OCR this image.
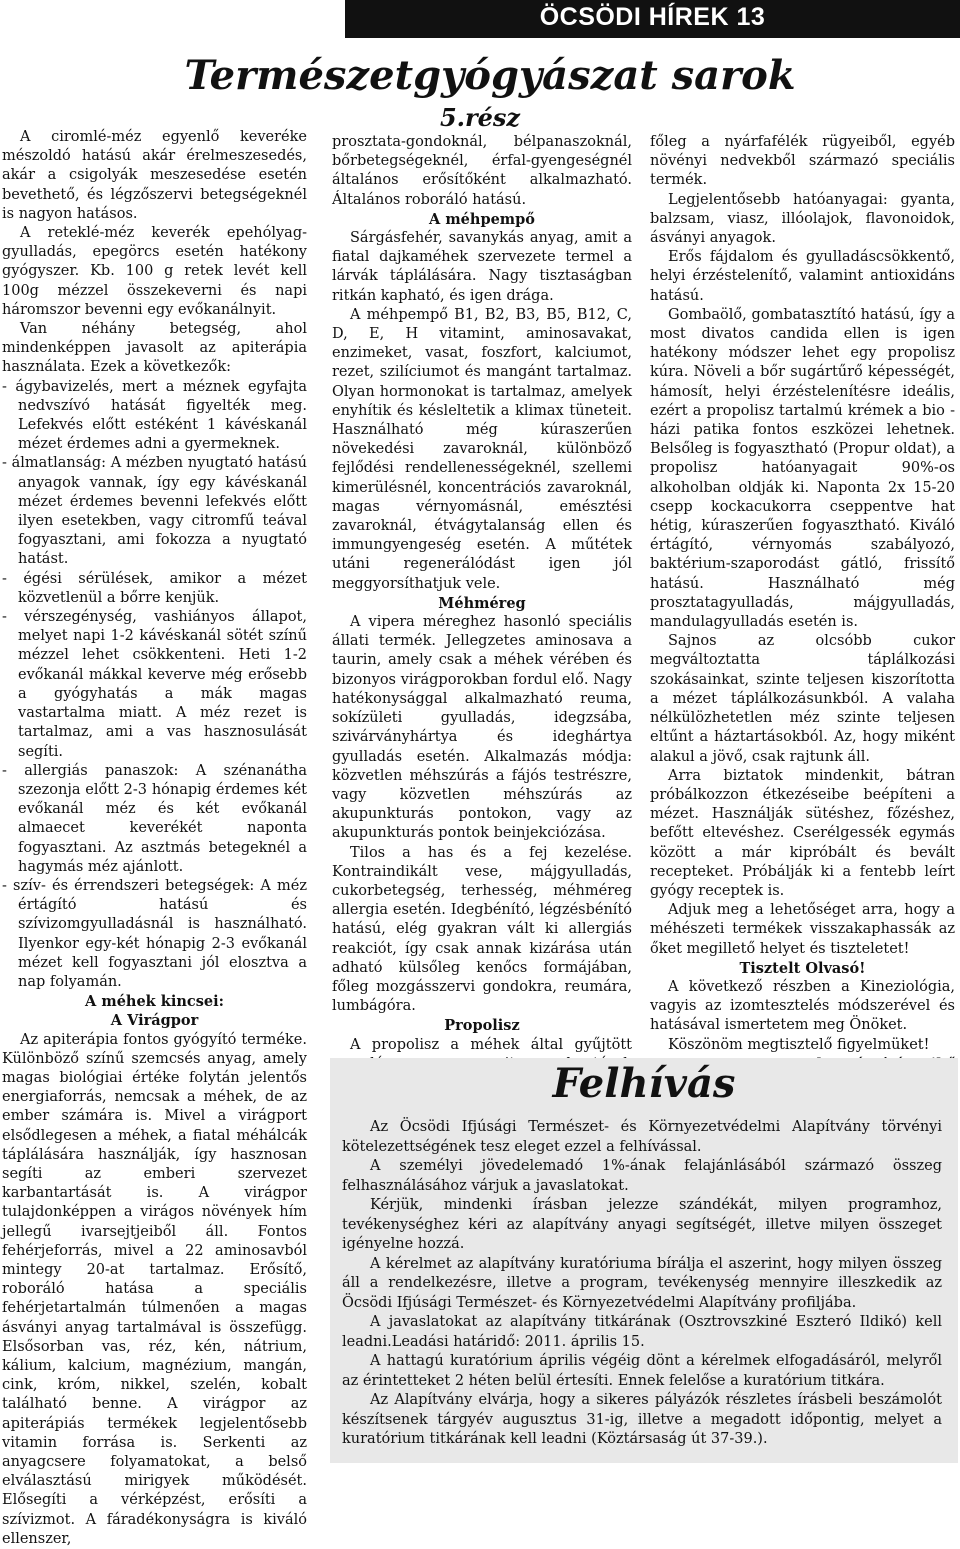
ÖCSÖDI HÍREK 13
Természetgyógyászat sarok
5.rész

A ciromlé-méz egyenlő keveréke mészoldó hatású akár érelmeszesedés, akár a csigolyák meszesedése esetén bevethető, és légzőszervi betegségeknél is nagyon hatásos.

A reteklé-méz keverék epehólyag-gyulladás, epegörcs esetén hatékony gyógyszer. Kb. 100 g retek levét kell 100g mézzel összekeverni és napi háromszor bevenni egy evőkanálnyit.

Van néhány betegség, ahol mindenképpen javasolt az apiterápia használata. Ezek a következők:

- ágybavizelés, mert a méznek egyfajta nedvszívó hatását figyelték meg. Lefekvés előtt estéként 1 kávéskanál mézet érdemes adni a gyermeknek.
- álmatlanság: A mézben nyugtató hatású anyagok vannak, így egy kávéskanál mézet érdemes bevenni lefekvés előtt ilyen esetekben, vagy citromfű teával fogyasztani, ami fokozza a nyugtató hatást.
- égési sérülések, amikor a mézet közvetlenül a bőrre kenjük.
- vérszegénység, vashiányos állapot, melyet napi 1-2 kávéskanál sötét színű mézzel lehet csökkenteni. Heti 1-2 evőkanál mákkal keverve még erősebb a gyógyhatás a mák magas vastartalma miatt. A méz rezet is tartalmaz, ami a vas hasznosulását segíti.
- allergiás panaszok: A szénanátha szezonja előtt 2-3 hónapig érdemes két evőkanál méz és két evőkanál almaecet keverékét naponta fogyasztani. Az asztmás betegeknél a hagymás méz ajánlott.
- szív- és érrendszeri betegségek: A méz értágító hatású és szívizomgyulladásnál is használható. Ilyenkor egy-két hónapig 2-3 evőkanál mézet kell fogyasztani jól elosztva a nap folyamán.
A méhek kincsei:
A Virágpor

Az apiterápia fontos gyógyító terméke. Különböző színű szemcsés anyag, amely magas biológiai értéke folytán jelentős energiaforrás, nemcsak a méhek, de az ember számára is. Mivel a virágport elsődlegesen a méhek, a fiatal méhálcák táplálására használják, így hasznosan segíti az emberi szervezet karbantartását is. A virágpor tulajdonképpen a virágos növények hím jellegű ivarsejtjeiből áll. Fontos fehérjeforrás, mivel a 22 aminosavból mintegy 20-at tartalmaz. Erősítő, roboráló hatása a speciális fehérjetartalmán túlmenően a magas ásványi anyag tartalmával is összefügg. Elsősorban vas, réz, kén, nátrium, kálium, kalcium, magnézium, mangán, cink, króm, nikkel, szelén, kobalt található benne. A virágpor az apiterápiás termékek legjelentősebb vitamin forrása is. Serkenti az anyagcsere folyamatokat, a belső elválasztású mirigyek működését. Elősegíti a vérképzést, erősíti a szívizmot. A fáradékonyságra is kiváló ellenszer,

prosztata-gondoknál, bélpanaszoknál, bőrbetegségeknél, érfal-gyengeségnél általános erősítőként alkalmazható. Általános roboráló hatású.

A méhpempő

Sárgásfehér, savanykás anyag, amit a fiatal dajkaméhek szervezete termel a lárvák táplálására. Nagy tisztaságban ritkán kapható, és igen drága.

A méhpempő B1, B2, B3, B5, B12, C, D, E, H vitamint, aminosavakat, enzimeket, vasat, foszfort, kalciumot, rezet, szilíciumot és mangánt tartalmaz. Olyan hormonokat is tartalmaz, amelyek enyhítik és késleltetik a klimax tüneteit. Használható még kúraszerűen növekedési zavaroknál, különböző fejlődési rendellenességeknél, szellemi kimerülésnél, koncentrációs zavaroknál, magas vérnyomásnál, emésztési zavaroknál, étvágytalanság ellen és immungyengeség esetén. A műtétek utáni regenerálódást igen jól meggyorsíthatjuk vele.

Méhméreg

A vipera méreghez hasonló speciális állati termék. Jellegzetes aminosava a taurin, amely csak a méhek vérében és bizonyos virágporokban fordul elő. Nagy hatékonysággal alkalmazható reuma, sokízületi gyulladás, idegzsába, szivárványhártya és ideghártya gyulladás esetén. Alkalmazás módja: közvetlen méhszúrás a fájós testrészre, vagy közvetlen méhszúrás az akupunkturás pontokon, vagy az akupunkturás pontok beinjekciózása.

Tilos a has és a fej kezelése. Kontraindikált vese, májgyulladás, cukorbetegség, terhesség, méhméreg allergia esetén. Idegbénító, légzésbénító hatású, elég gyakran vált ki allergiás reakciót, így csak annak kizárása után adható külsőleg kenőcs formájában, főleg mozgásszervi gondokra, reumára, lumbágóra.

Propolisz

A propolisz a méhek által gyűjtött

főleg a nyárfafélék rügyeiből, egyéb növényi nedvekből származó speciális termék.

Legjelentősebb hatóanyagai: gyanta, balzsam, viasz, illóolajok, flavonoidok, ásványi anyagok.

Erős fájdalom és gyulladáscsökkentő, helyi érzéstelenítő, valamint antioxidáns hatású.

Gombaölő, gombatasztító hatású, így a most divatos candida ellen is igen hatékony módszer lehet egy propolisz kúra. Növeli a bőr sugártűrő képességét, hámosít, helyi érzéstelenítésre ideális, ezért a propolisz tartalmú krémek a bio - házi patika fontos eszközei lehetnek. Belsőleg is fogyasztható (Propur oldat), a propolisz hatóanyagait 90%-os alkoholban oldják ki. Naponta 2x 15-20 csepp kockacukorra cseppentve hat hétig, kúraszerűen fogyasztható. Kiváló értágító, vérnyomás szabályozó, baktérium-szaporodást gátló, frissítő hatású. Használható még prosztatagyulladás, májgyulladás, mandulagyulladás esetén is.

Sajnos az olcsóbb cukor megváltoztatta táplálkozási szokásainkat, szinte teljesen kiszorította a mézet táplálkozásunkból. A valaha nélkülözhetetlen méz szinte teljesen eltűnt a háztartásokból. Az, hogy miként alakul a jövő, csak rajtunk áll.

Arra biztatok mindenkit, bátran próbálkozzon étkezéseibe beépíteni a mézet. Használják sütéshez, főzéshez, befőtt eltevéshez. Cserélgessék egymás között a már kipróbált és bevált recepteket. Próbálják ki a fentebb leírt gyógy receptek is.

Adjuk meg a lehetőséget arra, hogy a méhészeti termékek visszakaphassák az őket megillető helyet és tiszteletet!

Tisztelt Olvasó!

A következő részben a Kineziológia, vagyis az izomtesztelés módszerével és hatásával ismertetem meg Önöket.

Köszönöm megtisztelő figyelmüket!

Felhívás

Az Öcsödi Ifjúsági Természet- és Környezetvédelmi Alapítvány törvényi kötelezettségének tesz eleget ezzel a felhívással.

A személyi jövedelemadó 1%-ának felajánlásából származó összeg felhasználásához várjuk a javaslatokat.

Kérjük, mindenki írásban jelezze szándékát, milyen programhoz, tevékenységhez kéri az alapítvány anyagi segítségét, illetve milyen összeget igényelne hozzá.

A kérelmet az alapítvány kuratóriuma bírálja el aszerint, hogy milyen összeg áll a rendelkezésre, illetve a program, tevékenység mennyire illeszkedik az Öcsödi Ifjúsági Természet- és Környezetvédelmi Alapítvány profiljába.

A javaslatokat az alapítvány titkárának (Osztrovszkiné Eszteró Ildikó) kell leadni.Leadási határidő: 2011. április 15.

A hattagú kuratórium április végéig dönt a kérelmek elfogadásáról, melyről az érintetteket 2 héten belül értesíti. Ennek felelőse a kuratórium titkára.

Az Alapítvány elvárja, hogy a sikeres pályázók részletes írásbeli beszámolót készítsenek tárgyév augusztus 31-ig, illetve a megadott időpontig, melyet a kuratórium titkárának kell leadni (Köztársaság út 37-39.).
